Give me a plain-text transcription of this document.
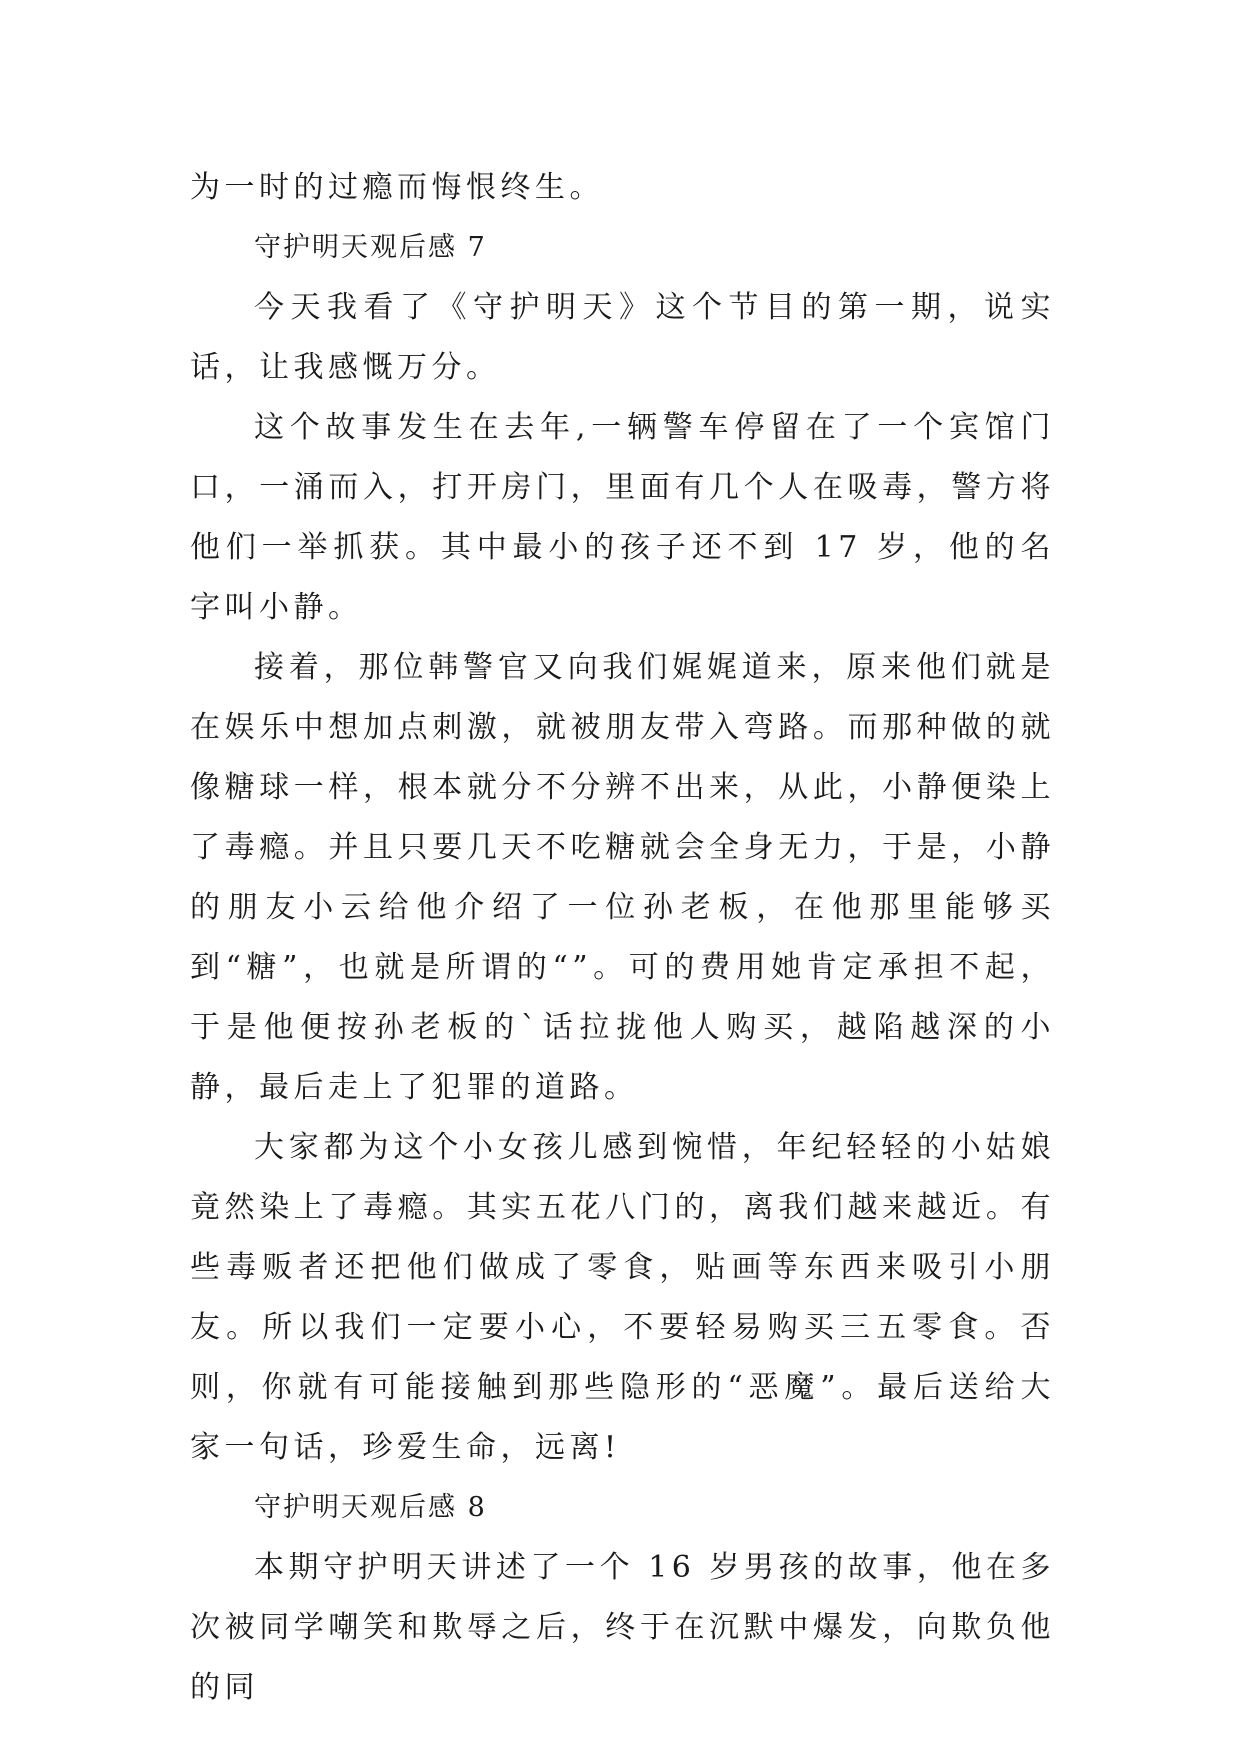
为一时的过瘾而悔恨终生。

守护明天观后感 7

今天我看了《守护明天》这个节目的第一期，说实话，让我感慨万分。

这个故事发生在去年,一辆警车停留在了一个宾馆门口，一涌而入，打开房门，里面有几个人在吸毒，警方将他们一举抓获。其中最小的孩子还不到 17 岁，他的名字叫小静。

接着，那位韩警官又向我们娓娓道来，原来他们就是在娱乐中想加点刺激，就被朋友带入弯路。而那种做的就像糖球一样，根本就分不分辨不出来，从此，小静便染上了毒瘾。并且只要几天不吃糖就会全身无力，于是，小静的朋友小云给他介绍了一位孙老板，在他那里能够买到“糖”，也就是所谓的“”。可的费用她肯定承担不起，于是他便按孙老板的`话拉拢他人购买，越陷越深的小静，最后走上了犯罪的道路。

大家都为这个小女孩儿感到惋惜，年纪轻轻的小姑娘竟然染上了毒瘾。其实五花八门的，离我们越来越近。有些毒贩者还把他们做成了零食，贴画等东西来吸引小朋友。所以我们一定要小心，不要轻易购买三五零食。否则，你就有可能接触到那些隐形的“恶魔”。最后送给大家一句话，珍爱生命，远离!

守护明天观后感 8

本期守护明天讲述了一个 16 岁男孩的故事，他在多次被同学嘲笑和欺辱之后，终于在沉默中爆发，向欺负他的同
